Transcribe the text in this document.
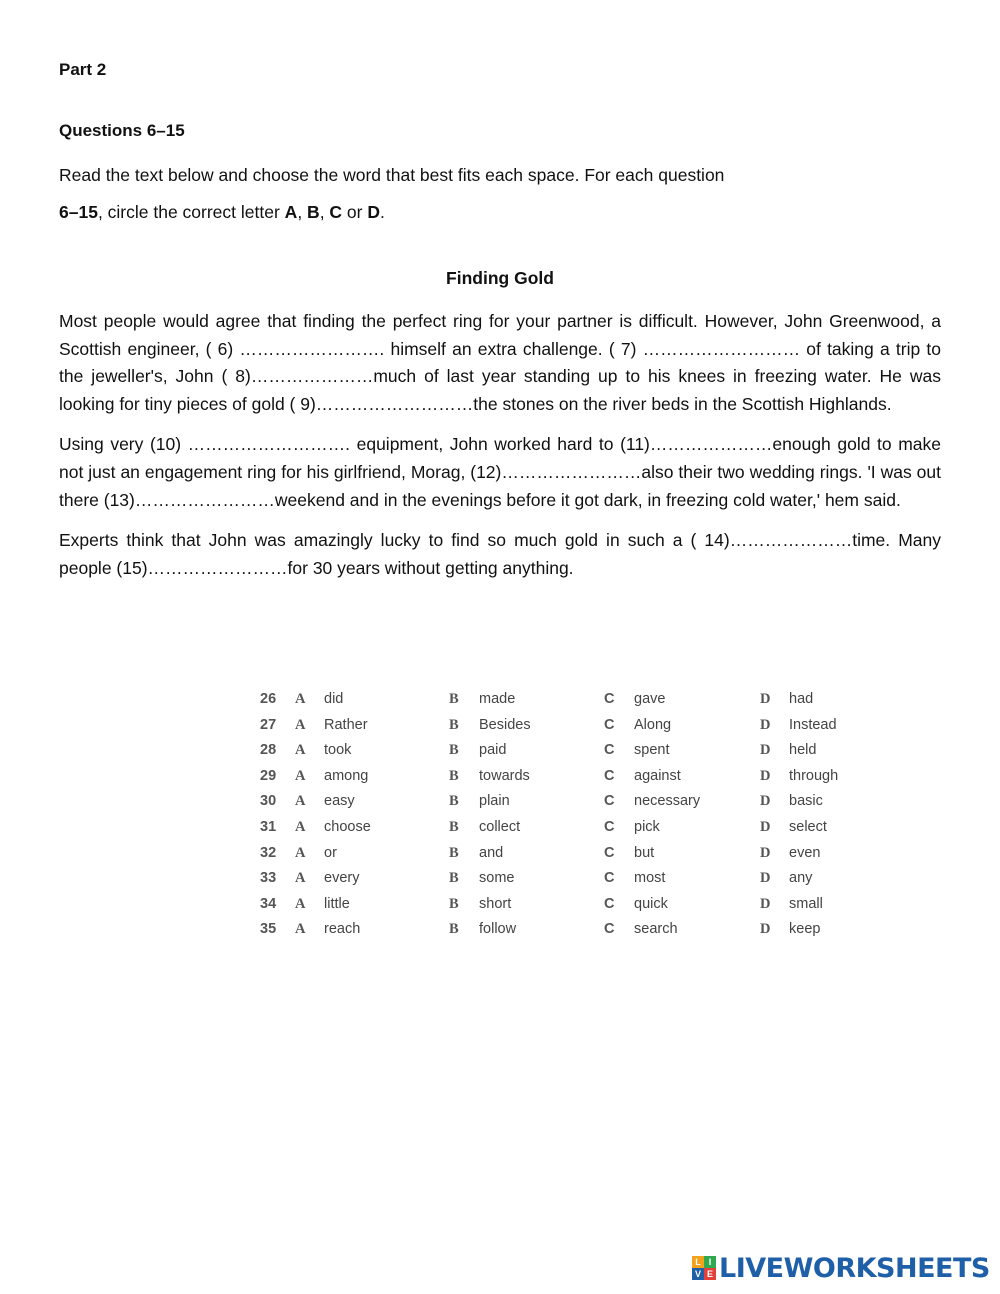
Part 2
Questions 6–15

Read the text below and choose the word that best fits each space. For each question

6–15, circle the correct letter A, B, C or D.

Finding Gold

Most people would agree that finding the perfect ring for your partner is difficult. However, John Greenwood, a Scottish engineer, ( 6) ……………………. himself an extra challenge. ( 7) ……………………… of taking a trip to the jeweller's, John ( 8)…………………much of last year standing up to his knees in freezing water. He was looking for tiny pieces of gold ( 9)………………………the stones on the river beds in the Scottish Highlands.

Using very (10) ………………………. equipment, John worked hard to (11)…………………enough gold to make not just an engagement ring for his girlfriend, Morag, (12)……………………also their two wedding rings. 'I was out there (13)……………………weekend and in the evenings before it got dark, in freezing cold water,' hem said.

Experts think that John was amazingly lucky to find so much gold in such a ( 14)…………………time. Many people (15)……………………for 30 years without getting anything.

26 A did	B made	C gave	D had
27 A Rather	B Besides	C Along	D Instead
28 A took	B paid	C spent	D held
29 A among	B towards	C against	D through
30 A easy	B plain	C necessary	D basic
31 A choose	B collect	C pick	D select
32 A or	B and	C but	D even
33 A every	B some	C most	D any
34 A little	B short	C quick	D small
35 A reach	B follow	C search	D keep
L I
V E LIVEWORKSHEETS
